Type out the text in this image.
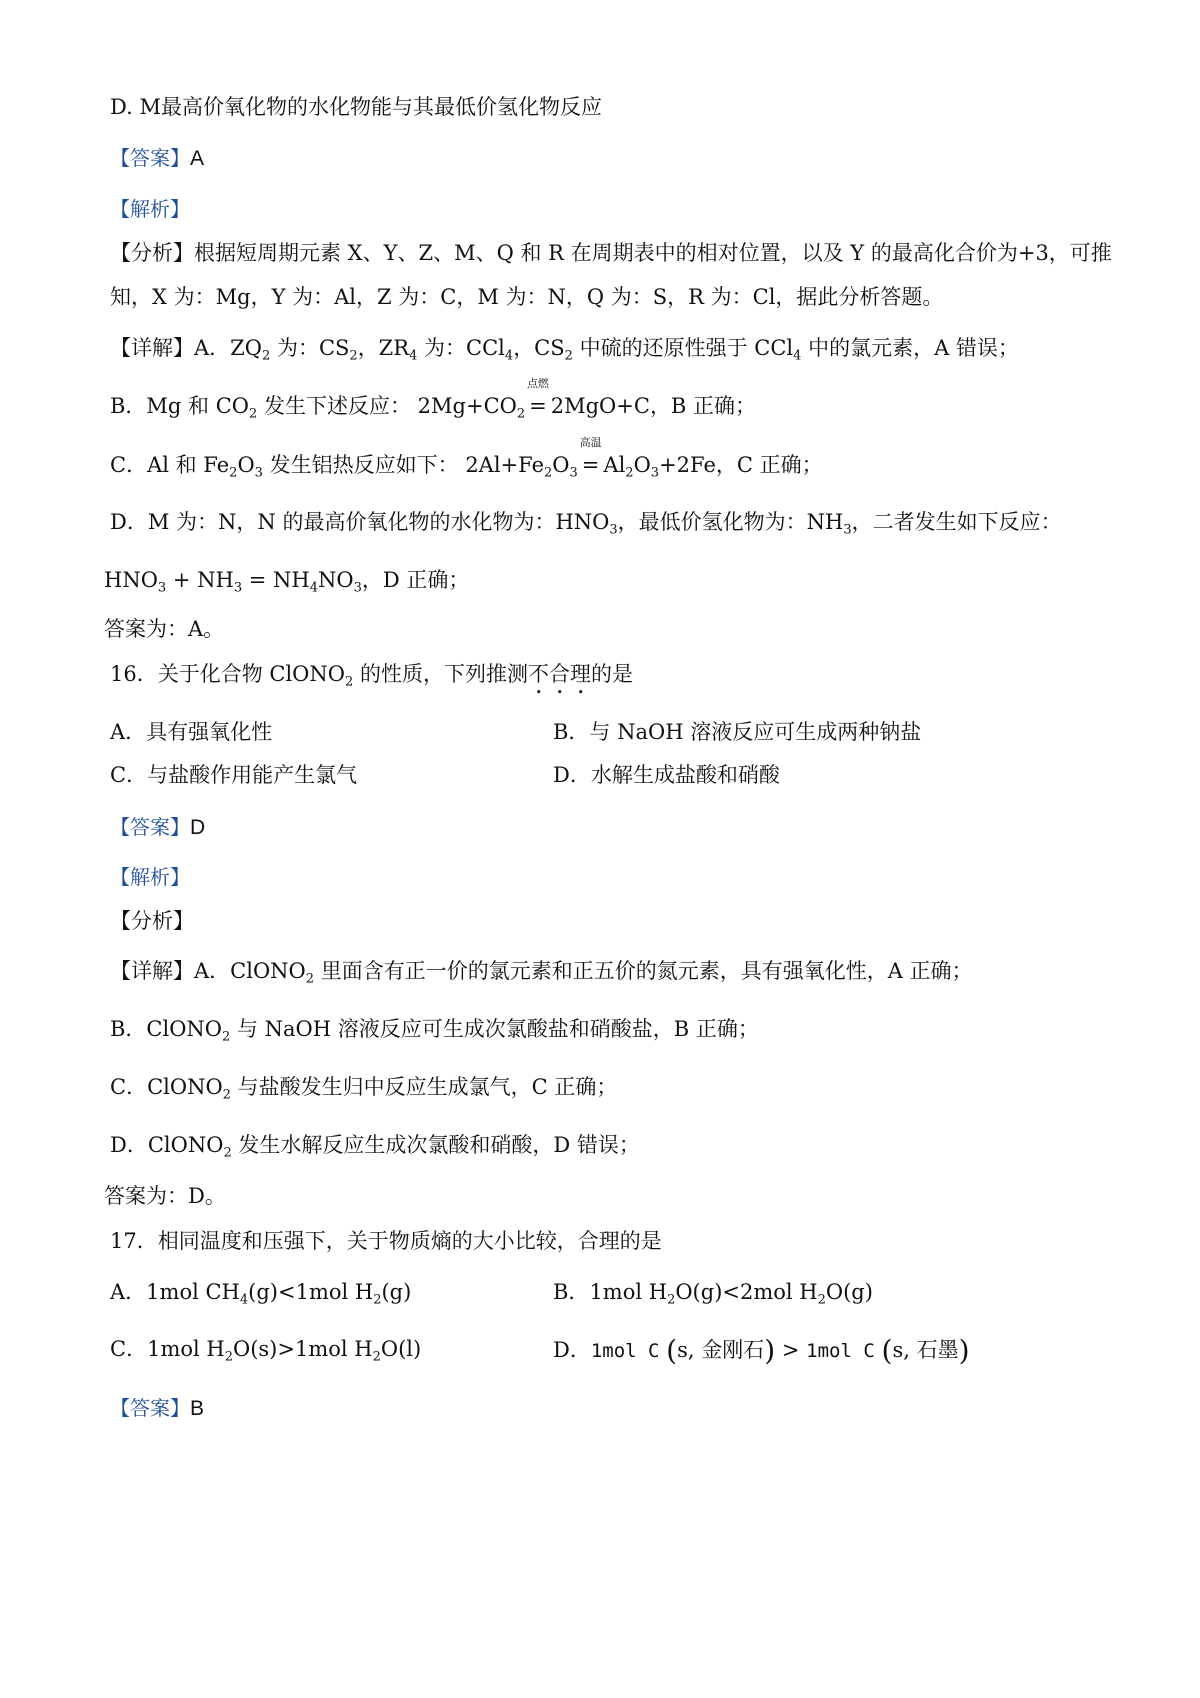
D. M最高价氧化物的水化物能与其最低价氢化物反应
【答案】A
【解析】
【分析】根据短周期元素 X、Y、Z、M、Q 和 R 在周期表中的相对位置，以及 Y 的最高化合价为+3，可推
知，X 为：Mg，Y 为：Al，Z 为：C，M 为：N，Q 为：S，R 为：Cl，据此分析答题。
【详解】A．$ZQ_2$ 为：$CS_2$，$ZR_4$ 为：CCl$_4$，$CS_2$ 中硫的还原性强于 CCl$_4$ 中的氯元素，A 错误；
B．Mg 和 $CO_2$ 发生下述反应： $2Mg+CO_2$
点燃
= 2MgO+C，B 正确；
C．Al 和 $Fe_2O_3$ 发生铝热反应如下： $2Al+Fe_2O_3$
高温
= $Al_2O_3+2Fe$，C 正确；
D．M 为：N，N 的最高价氧化物的水化物为：$HNO_3$，最低价氢化物为：$NH_3$，二者发生如下反应：
$HNO_3 + NH_3 = NH_4NO_3$，D 正确；
答案为：A。
16．关于化合物 ClONO$_2$ 的性质，下列推测不合理的是
A．具有强氧化性	B．与 NaOH 溶液反应可生成两种钠盐
C．与盐酸作用能产生氯气	D．水解生成盐酸和硝酸
【答案】D
【解析】
【分析】
【详解】A．ClONO$_2$ 里面含有正一价的氯元素和正五价的氮元素，具有强氧化性，A 正确；
B．ClONO$_2$ 与 NaOH 溶液反应可生成次氯酸盐和硝酸盐，B 正确；
C．ClONO$_2$ 与盐酸发生归中反应生成氯气，C 正确；
D．ClONO$_2$ 发生水解反应生成次氯酸和硝酸，D 错误；
答案为：D。
17．相同温度和压强下，关于物质熵的大小比较，合理的是
A．1mol $CH_4(g)<1mol$ $H_2(g)$	B．1mol $H_2O(g)<2mol$ $H_2O(g)$
C．1mol $H_2O(s)>1mol$ $H_2O(l)$	D．1mol C (s, 金刚石) > 1mol C (s, 石墨)
【答案】B
